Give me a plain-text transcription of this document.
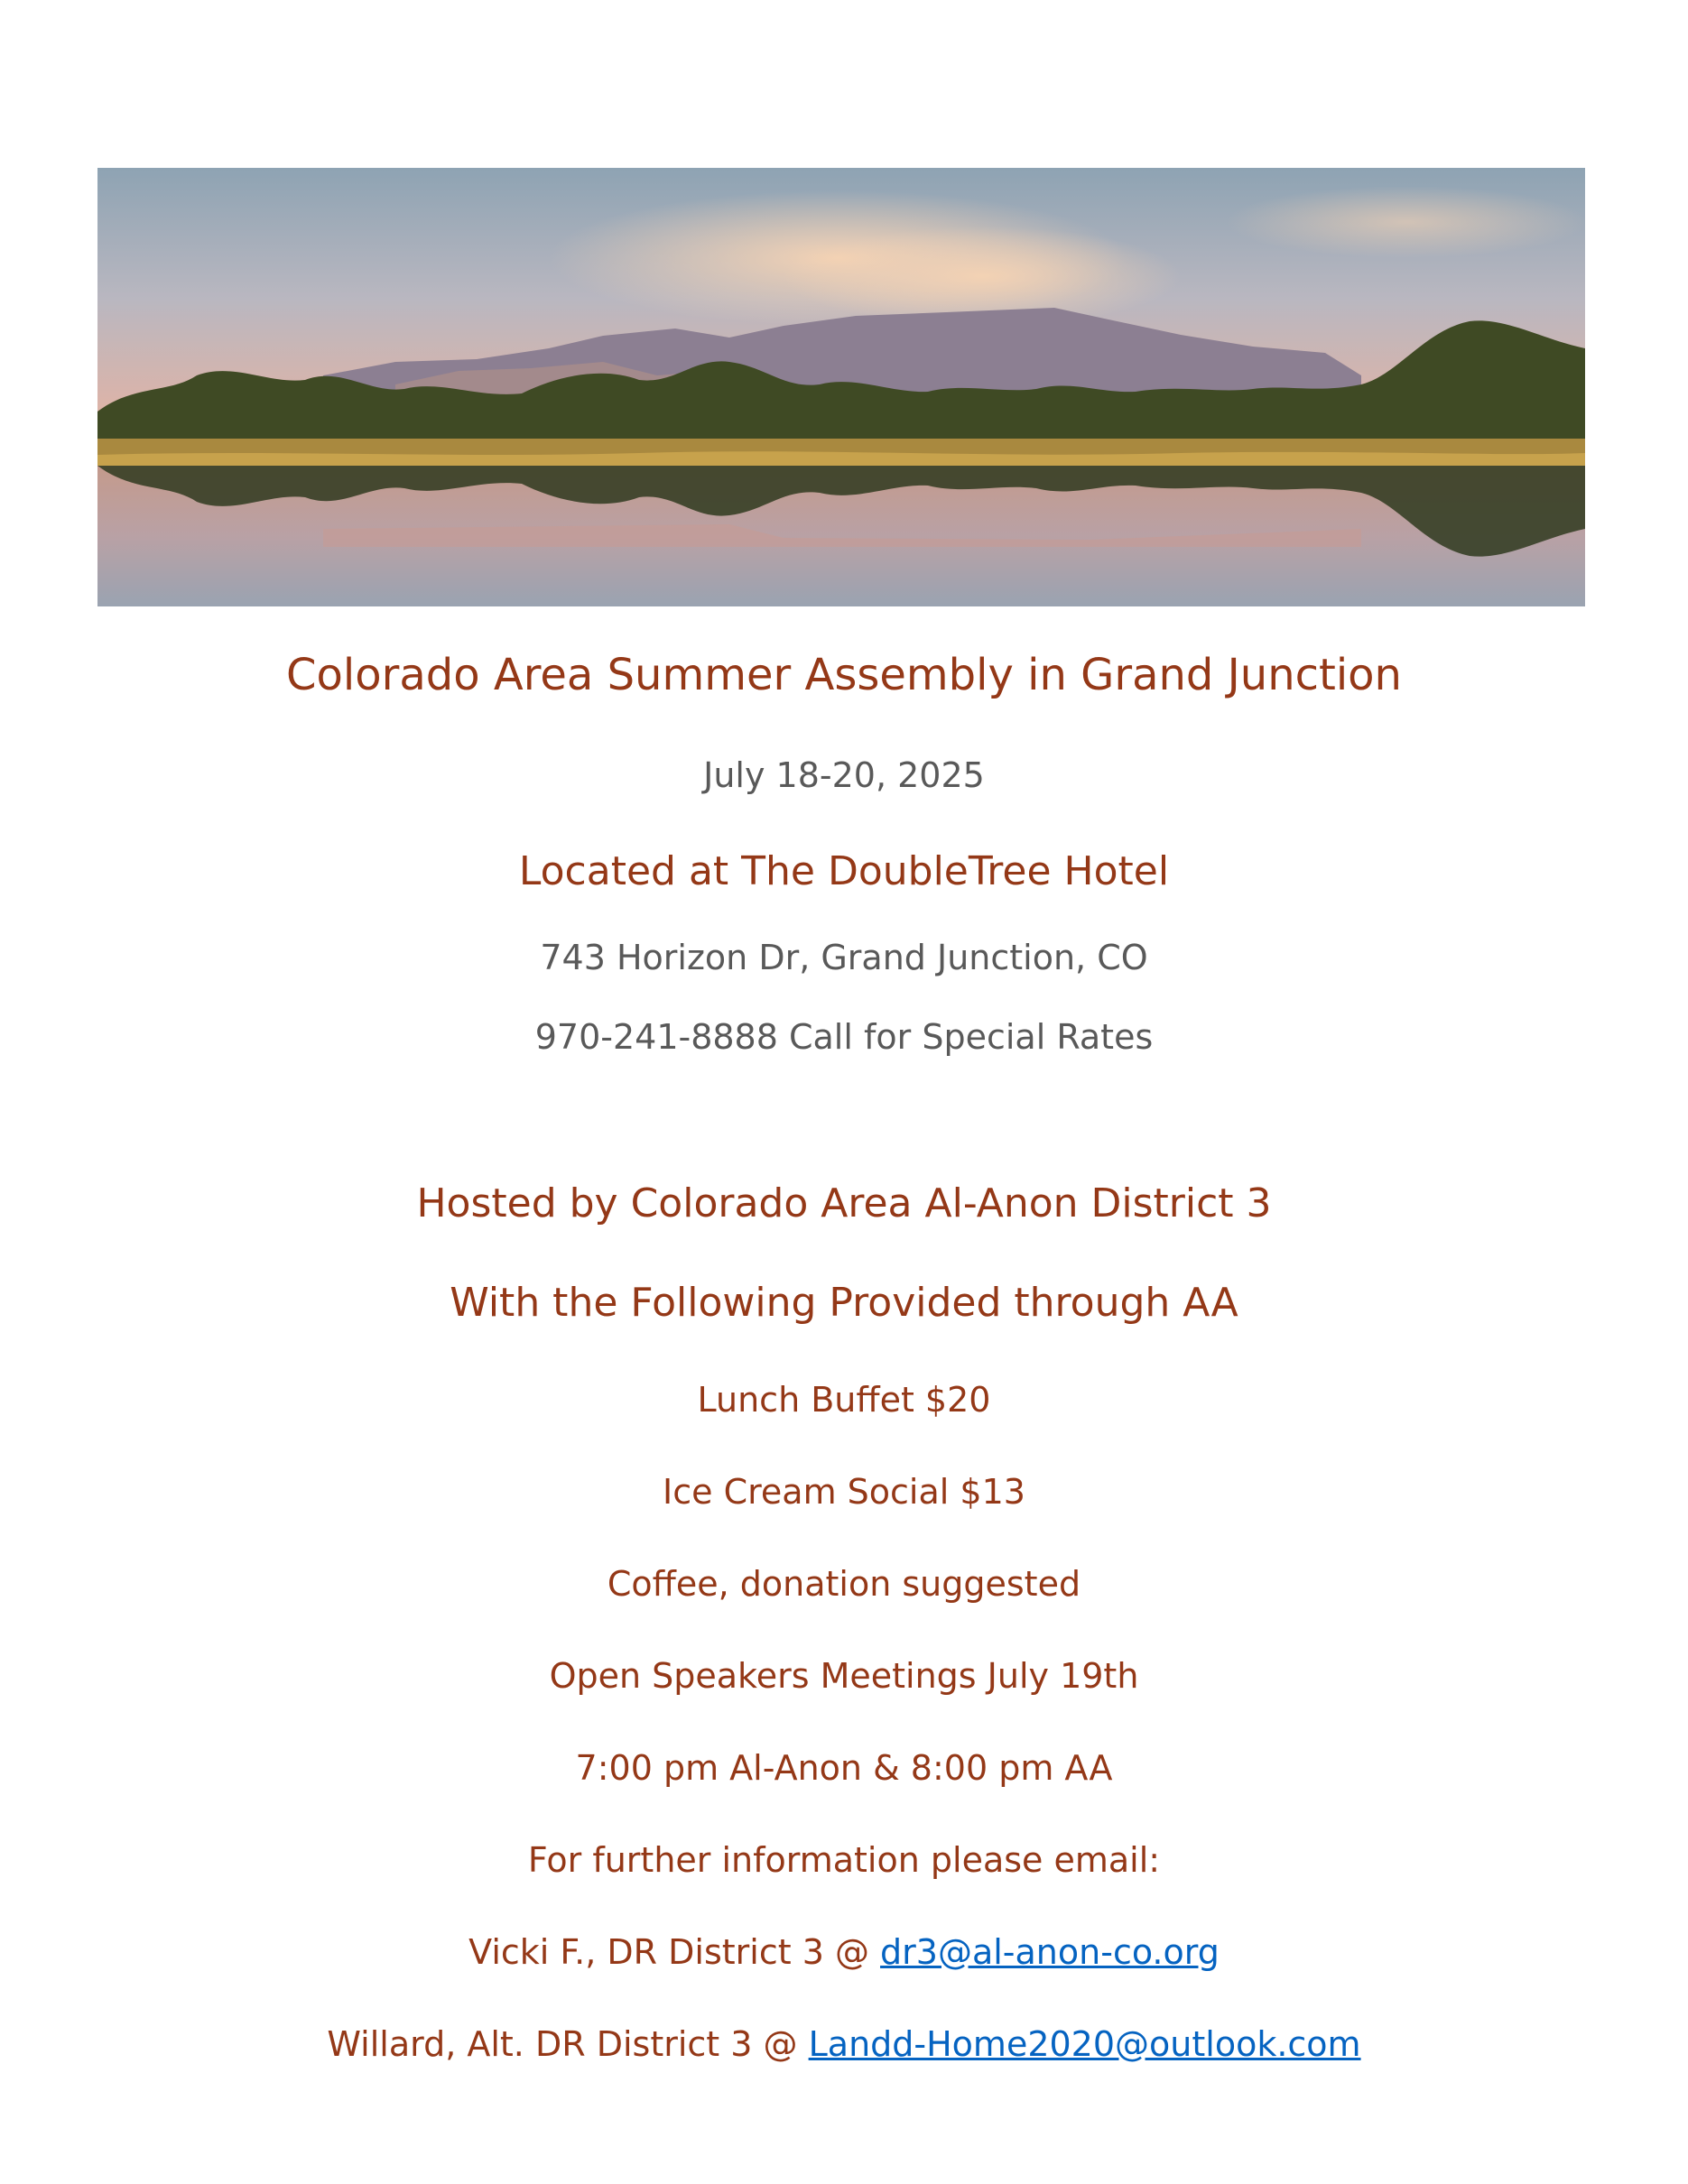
Colorado Area Summer Assembly in Grand Junction
July 18-20, 2025
Located at The DoubleTree Hotel
743 Horizon Dr, Grand Junction, CO
970-241-8888 Call for Special Rates
Hosted by Colorado Area Al-Anon District 3
With the Following Provided through AA
Lunch Buffet $20
Ice Cream Social $13
Coffee, donation suggested
Open Speakers Meetings July 19th
7:00 pm Al-Anon & 8:00 pm AA
For further information please email:
Vicki F., DR District 3 @ dr3@al-anon-co.org
Willard, Alt. DR District 3 @ Landd-Home2020@outlook.com
